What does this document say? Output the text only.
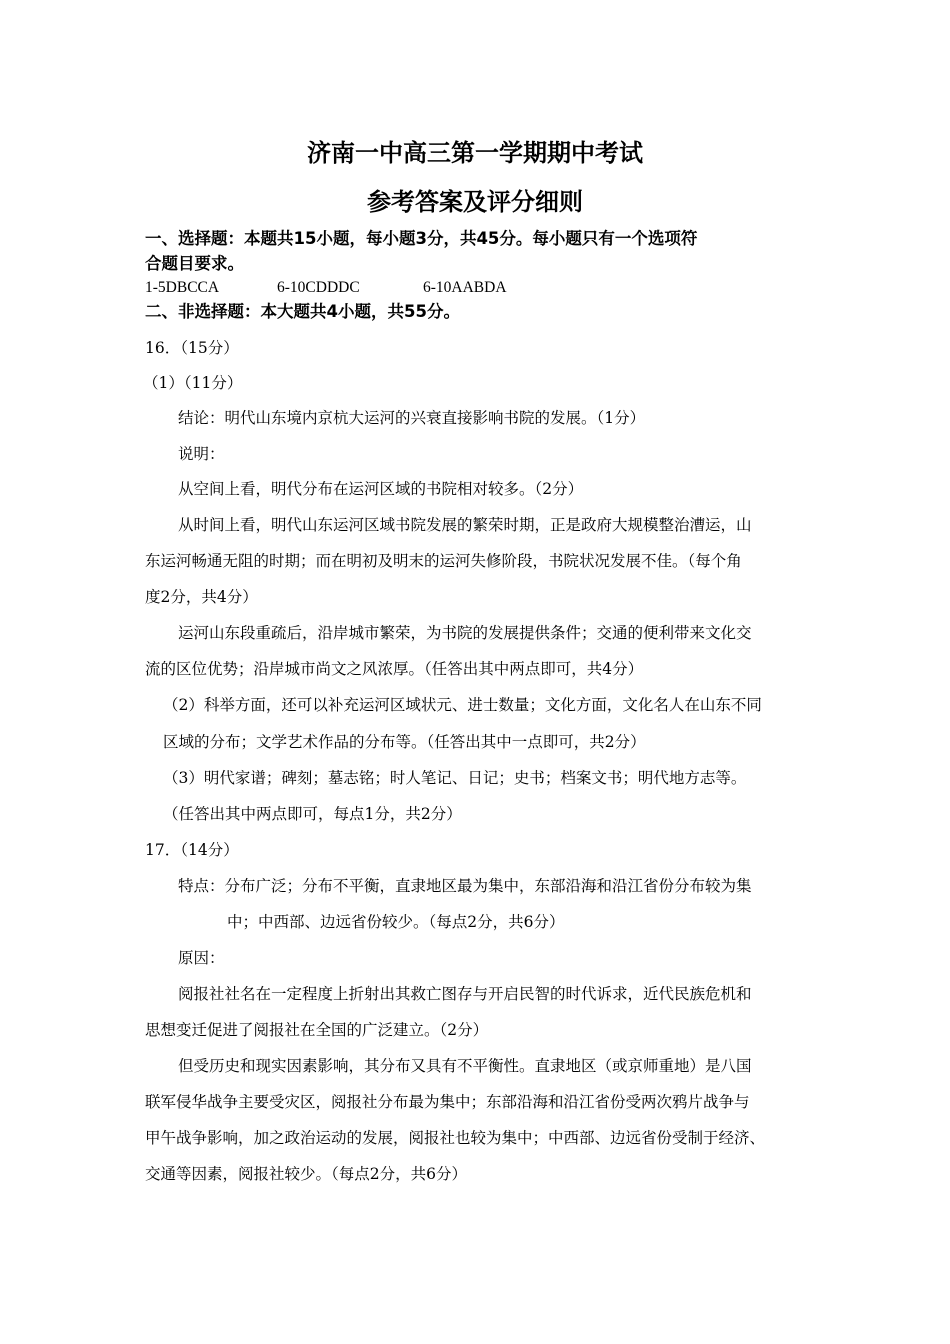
济南一中高三第一学期期中考试
参考答案及评分细则
一、选择题：本题共15小题，每小题3分，共45分。每小题只有一个选项符
合题目要求。
1-5DBCCA	6-10CDDDC	6-10AABDA
二、非选择题：本大题共4小题，共55分。
16．（15分）
（1）（11分）
结论：明代山东境内京杭大运河的兴衰直接影响书院的发展。（1分）
说明：
从空间上看，明代分布在运河区域的书院相对较多。（2分）
从时间上看，明代山东运河区域书院发展的繁荣时期，正是政府大规模整治漕运，山
东运河畅通无阻的时期；而在明初及明末的运河失修阶段，书院状况发展不佳。（每个角
度2分，共4分）
运河山东段重疏后，沿岸城市繁荣，为书院的发展提供条件；交通的便利带来文化交
流的区位优势；沿岸城市尚文之风浓厚。（任答出其中两点即可，共4分）
（2）科举方面，还可以补充运河区域状元、进士数量；文化方面，文化名人在山东不同
区域的分布；文学艺术作品的分布等。（任答出其中一点即可，共2分）
（3）明代家谱；碑刻；墓志铭；时人笔记、日记；史书；档案文书；明代地方志等。
（任答出其中两点即可，每点1分，共2分）
17．（14分）
特点：分布广泛；分布不平衡，直隶地区最为集中，东部沿海和沿江省份分布较为集
中；中西部、边远省份较少。（每点2分，共6分）
原因：
阅报社社名在一定程度上折射出其救亡图存与开启民智的时代诉求，近代民族危机和
思想变迁促进了阅报社在全国的广泛建立。（2分）
但受历史和现实因素影响，其分布又具有不平衡性。直隶地区（或京师重地）是八国
联军侵华战争主要受灾区，阅报社分布最为集中；东部沿海和沿江省份受两次鸦片战争与
甲午战争影响，加之政治运动的发展，阅报社也较为集中；中西部、边远省份受制于经济、
交通等因素，阅报社较少。（每点2分，共6分）
